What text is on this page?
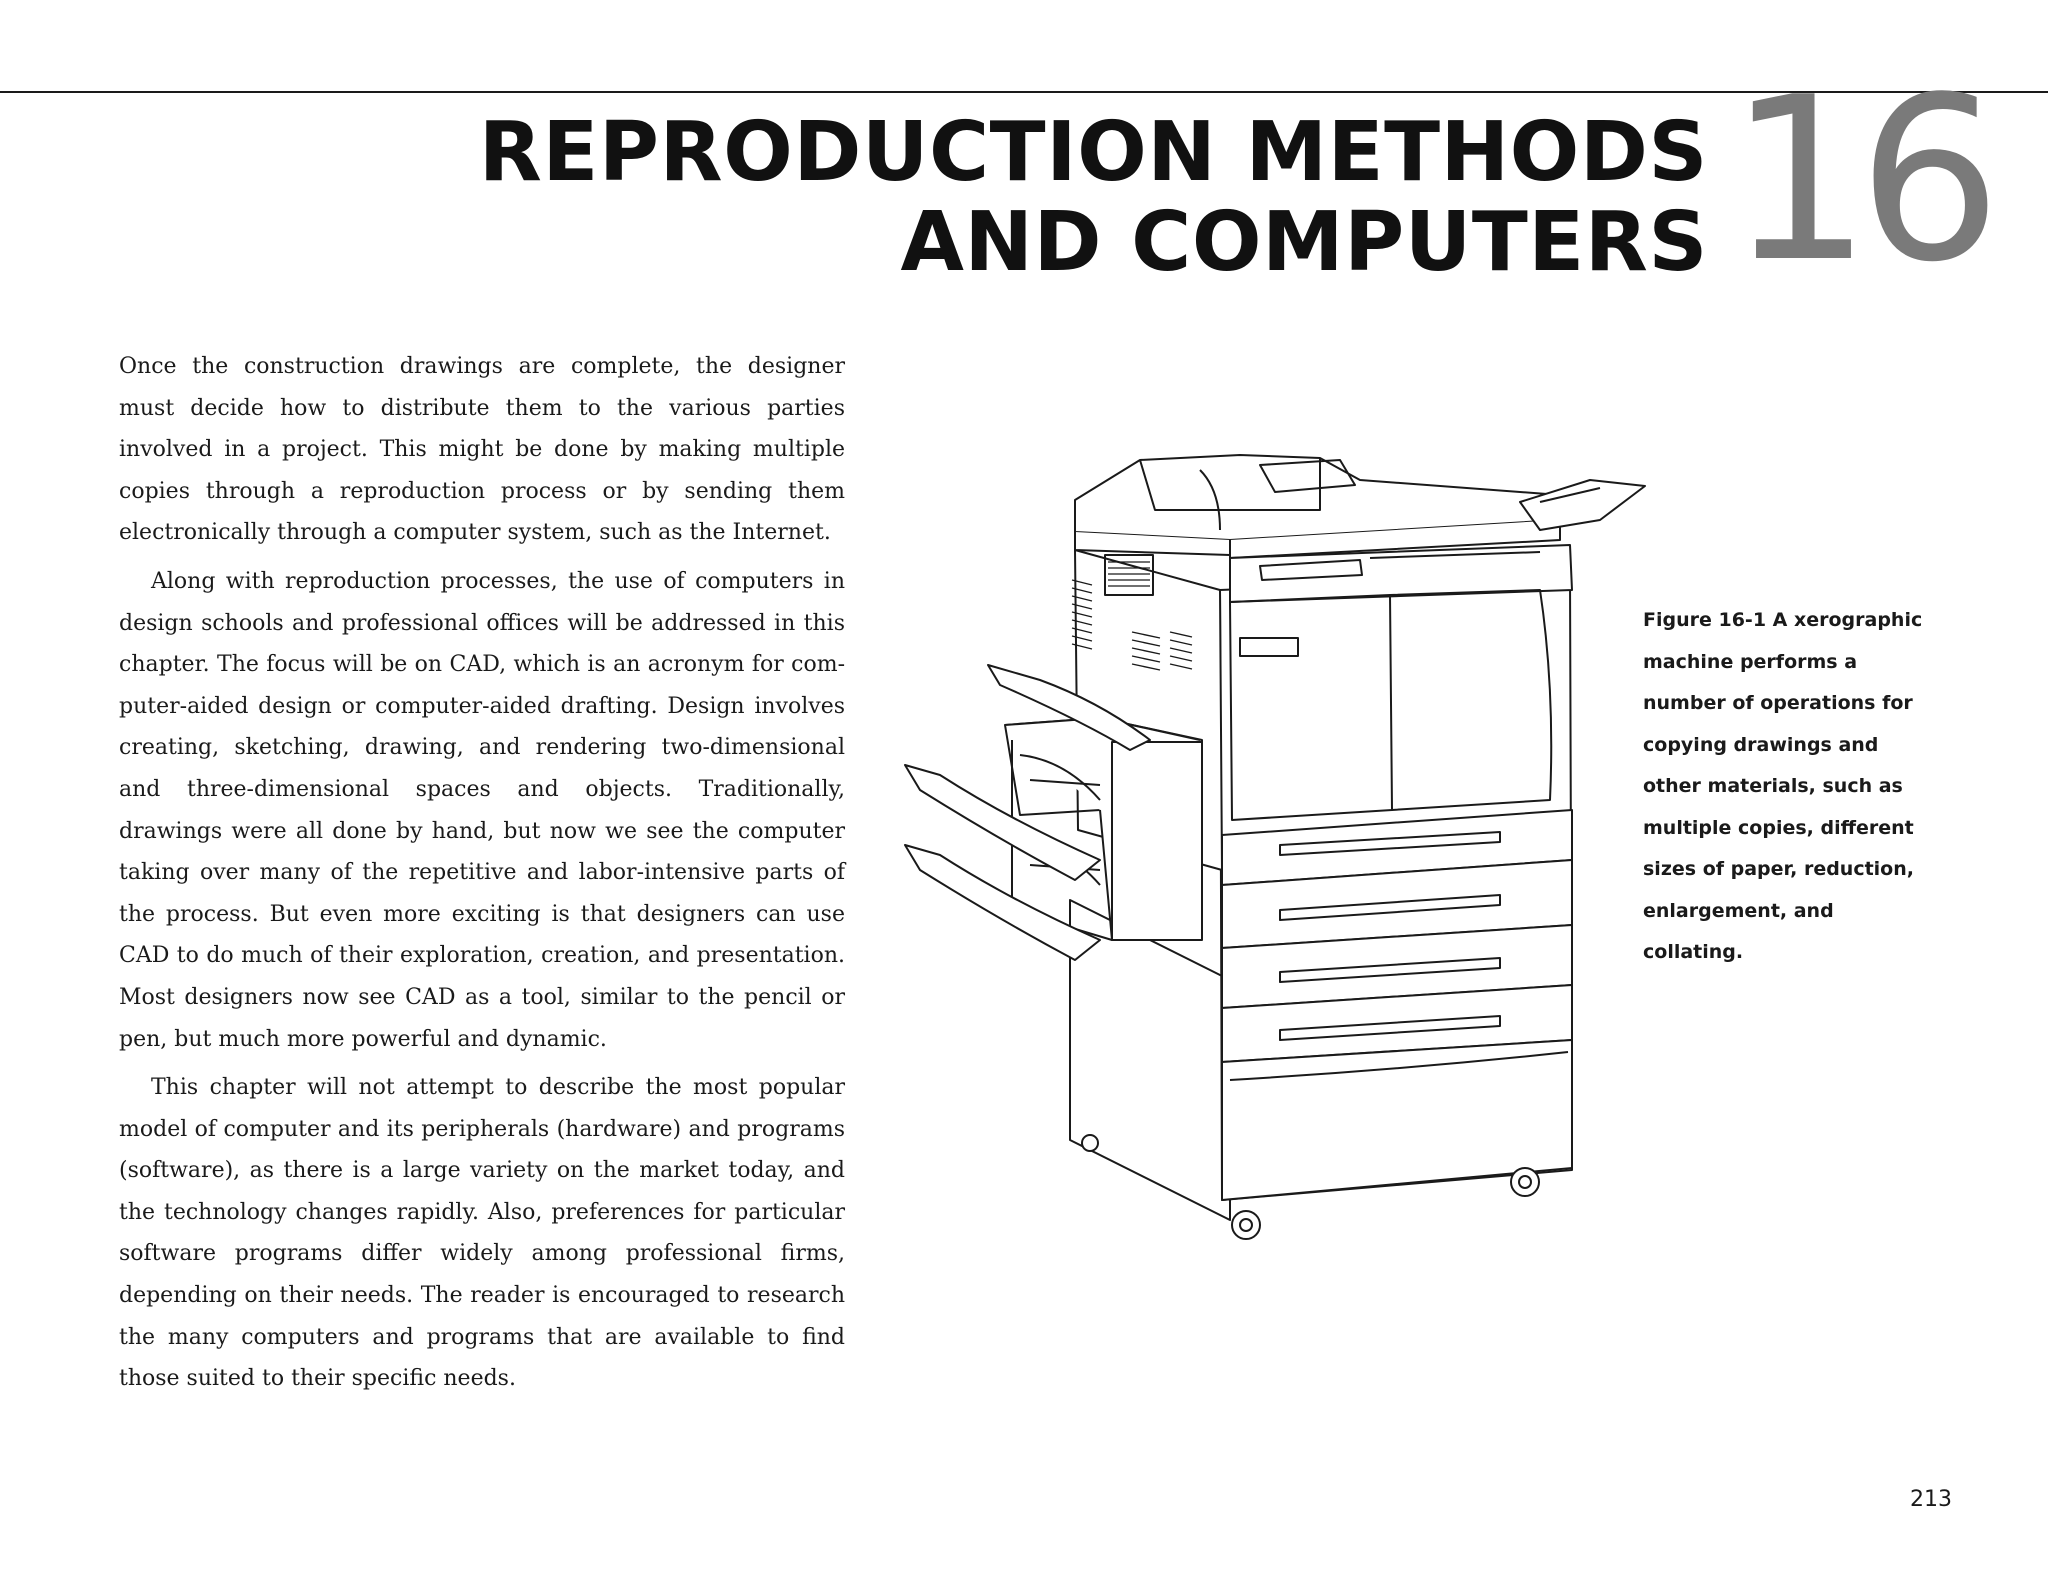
REPRODUCTION METHODS
AND COMPUTERS 16

Once the construction drawings are complete, the designer must decide how to distribute them to the various parties involved in a project. This might be done by making multiple copies through a reproduction process or by sending them electronically through a computer system, such as the Internet.

Along with reproduction processes, the use of computers in design schools and professional offices will be addressed in this chapter. The focus will be on CAD, which is an acronym for computer-aided design or computer-aided drafting. Design involves creating, sketching, drawing, and rendering two-dimensional and three-dimensional spaces and objects. Traditionally, drawings were all done by hand, but now we see the computer taking over many of the repetitive and labor-intensive parts of the process. But even more exciting is that designers can use CAD to do much of their exploration, creation, and presentation. Most designers now see CAD as a tool, similar to the pencil or pen, but much more powerful and dynamic.

This chapter will not attempt to describe the most popular model of computer and its peripherals (hardware) and programs (software), as there is a large variety on the market today, and the technology changes rapidly. Also, preferences for particular software programs differ widely among professional firms, depending on their needs. The reader is encouraged to research the many computers and programs that are available to find those suited to their specific needs.

Figure 16-1 A xerographic machine performs a number of operations for copying drawings and other materials, such as multiple copies, different sizes of paper, reduction, enlargement, and collating.
213
